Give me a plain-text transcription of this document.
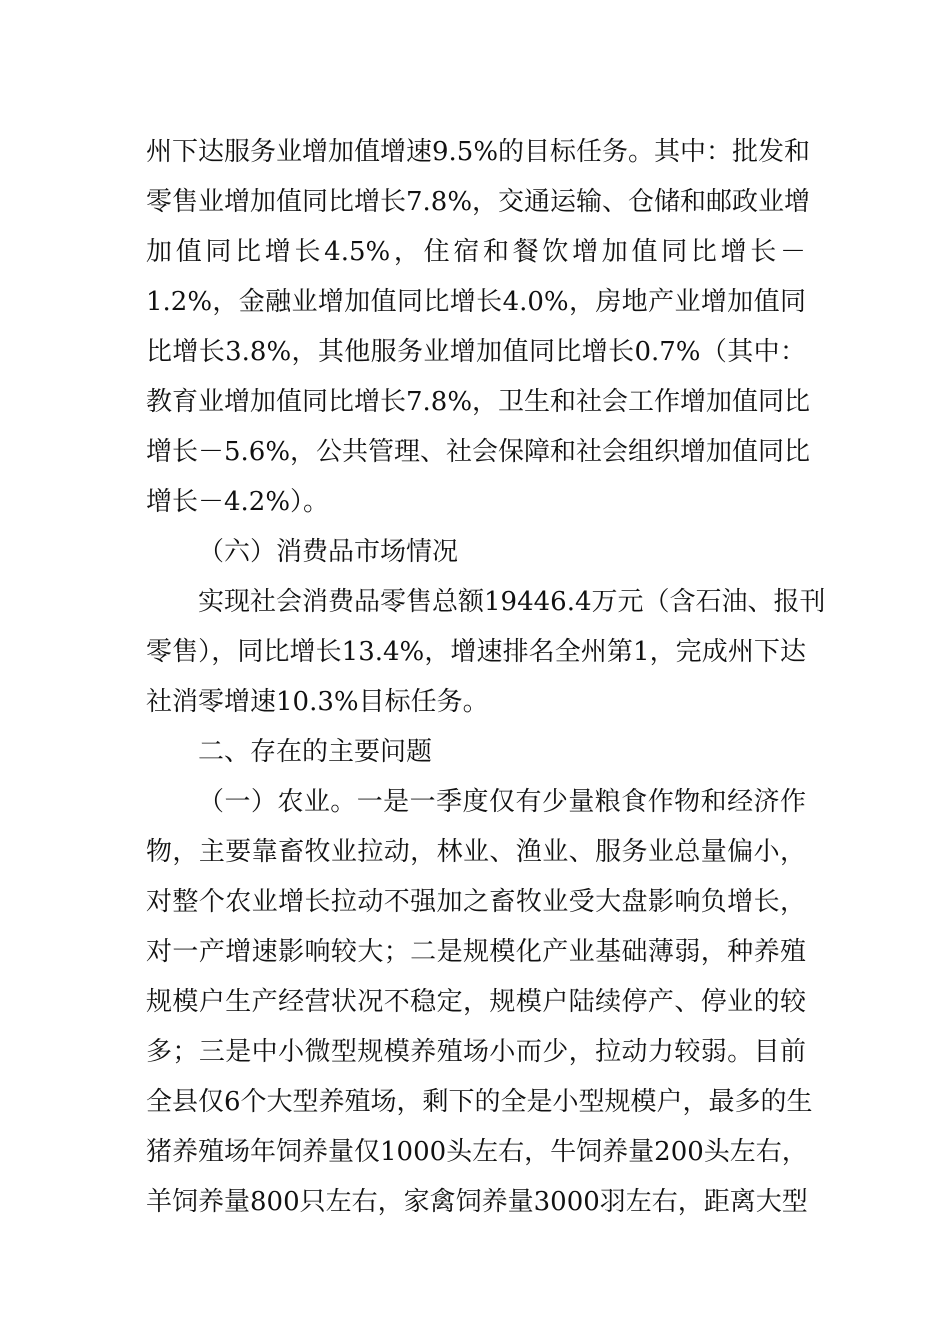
州下达服务业增加值增速9.5%的目标任务。其中：批发和
零售业增加值同比增长7.8%，交通运输、仓储和邮政业增
加值同比增长4.5%，住宿和餐饮增加值同比增长－
1.2%，金融业增加值同比增长4.0%，房地产业增加值同
比增长3.8%，其他服务业增加值同比增长0.7%（其中：
教育业增加值同比增长7.8%，卫生和社会工作增加值同比
增长－5.6%，公共管理、社会保障和社会组织增加值同比
增长－4.2%）。
（六）消费品市场情况
实现社会消费品零售总额19446.4万元（含石油、报刊
零售），同比增长13.4%，增速排名全州第1，完成州下达
社消零增速10.3%目标任务。
二、存在的主要问题
（一）农业。一是一季度仅有少量粮食作物和经济作
物，主要靠畜牧业拉动，林业、渔业、服务业总量偏小，
对整个农业增长拉动不强加之畜牧业受大盘影响负增长，
对一产增速影响较大；二是规模化产业基础薄弱，种养殖
规模户生产经营状况不稳定，规模户陆续停产、停业的较
多；三是中小微型规模养殖场小而少，拉动力较弱。目前
全县仅6个大型养殖场，剩下的全是小型规模户，最多的生
猪养殖场年饲养量仅1000头左右，牛饲养量200头左右，
羊饲养量800只左右，家禽饲养量3000羽左右，距离大型
